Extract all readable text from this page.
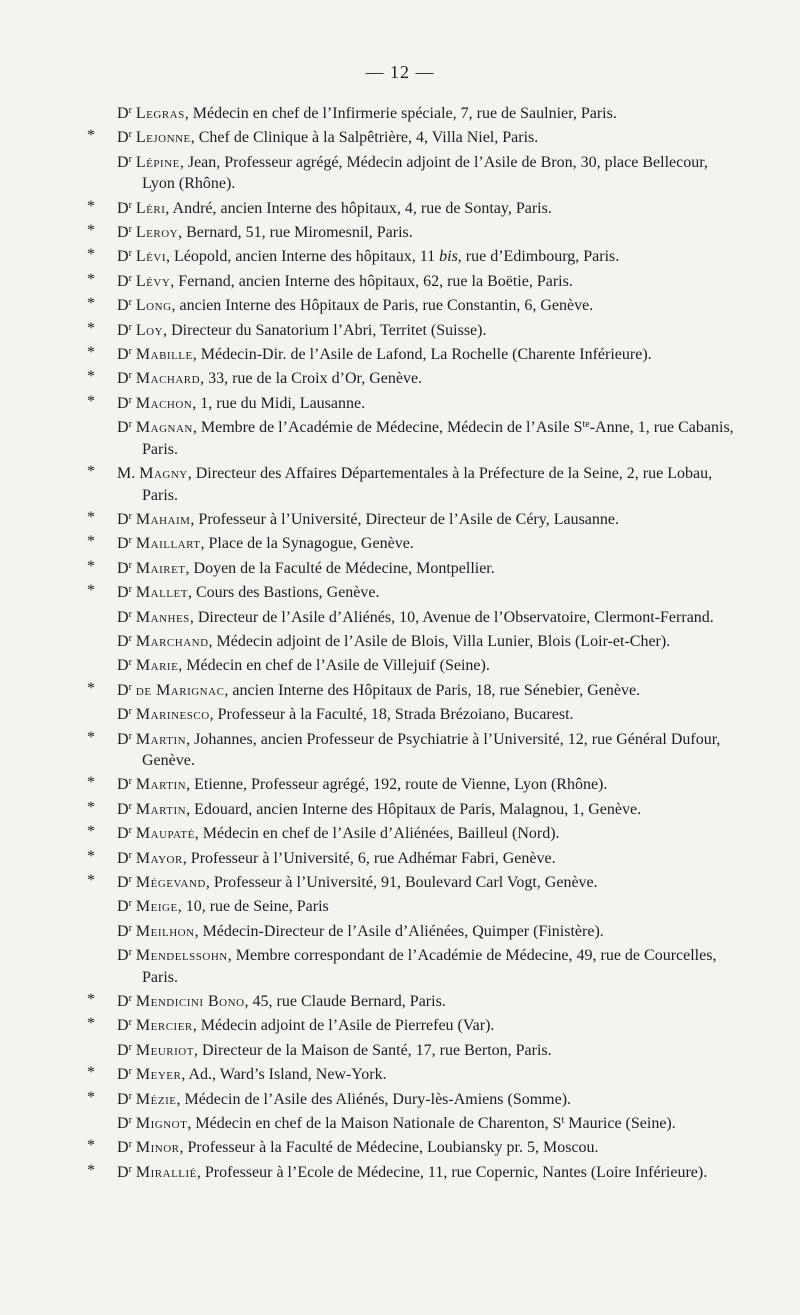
— 12 —
$D^r$ Legras, Médecin en chef de l’Infirmerie spéciale, 7, rue de Saulnier, Paris.
* $D^r$ Lejonne, Chef de Clinique à la Salpêtrière, 4, Villa Niel, Paris.
$D^r$ Lépine, Jean, Professeur agrégé, Médecin adjoint de l’Asile de Bron, 30, place Bellecour, Lyon (Rhône).
* $D^r$ Léri, André, ancien Interne des hôpitaux, 4, rue de Sontay, Paris.
* $D^r$ Leroy, Bernard, 51, rue Miromesnil, Paris.
* $D^r$ Lévi, Léopold, ancien Interne des hôpitaux, 11 bis, rue d’Edimbourg, Paris.
* $D^r$ Lévy, Fernand, ancien Interne des hôpitaux, 62, rue la Boëtie, Paris.
* $D^r$ Long, ancien Interne des Hôpitaux de Paris, rue Constantin, 6, Genève.
* $D^r$ Loy, Directeur du Sanatorium l’Abri, Territet (Suisse).
* $D^r$ Mabille, Médecin-Dir. de l’Asile de Lafond, La Rochelle (Charente Inférieure).
* $D^r$ Machard, 33, rue de la Croix d’Or, Genève.
* $D^r$ Machon, 1, rue du Midi, Lausanne.
$D^r$ Magnan, Membre de l’Académie de Médecine, Médecin de l’Asile $S^{te}$-Anne, 1, rue Cabanis, Paris.
* M. Magny, Directeur des Affaires Départementales à la Préfecture de la Seine, 2, rue Lobau, Paris.
* $D^r$ Mahaim, Professeur à l’Université, Directeur de l’Asile de Céry, Lausanne.
* $D^r$ Maillart, Place de la Synagogue, Genève.
* $D^r$ Mairet, Doyen de la Faculté de Médecine, Montpellier.
* $D^r$ Mallet, Cours des Bastions, Genève.
$D^r$ Manhes, Directeur de l’Asile d’Aliénés, 10, Avenue de l’Observatoire, Clermont-Ferrand.
$D^r$ Marchand, Médecin adjoint de l’Asile de Blois, Villa Lunier, Blois (Loir-et-Cher).
$D^r$ Marie, Médecin en chef de l’Asile de Villejuif (Seine).
* $D^r$ de Marignac, ancien Interne des Hôpitaux de Paris, 18, rue Sénebier, Genève.
$D^r$ Marinesco, Professeur à la Faculté, 18, Strada Brézoiano, Bucarest.
* $D^r$ Martin, Johannes, ancien Professeur de Psychiatrie à l’Université, 12, rue Général Dufour, Genève.
* $D^r$ Martin, Etienne, Professeur agrégé, 192, route de Vienne, Lyon (Rhône).
* $D^r$ Martin, Edouard, ancien Interne des Hôpitaux de Paris, Malagnou, 1, Genève.
* $D^r$ Maupaté, Médecin en chef de l’Asile d’Aliénées, Bailleul (Nord).
* $D^r$ Mayor, Professeur à l’Université, 6, rue Adhémar Fabri, Genève.
* $D^r$ Mégevand, Professeur à l’Université, 91, Boulevard Carl Vogt, Genève.
$D^r$ Meige, 10, rue de Seine, Paris
$D^r$ Meilhon, Médecin-Directeur de l’Asile d’Aliénées, Quimper (Finistère).
$D^r$ Mendelssohn, Membre correspondant de l’Académie de Médecine, 49, rue de Courcelles, Paris.
* $D^r$ Mendicini Bono, 45, rue Claude Bernard, Paris.
* $D^r$ Mercier, Médecin adjoint de l’Asile de Pierrefeu (Var).
$D^r$ Meuriot, Directeur de la Maison de Santé, 17, rue Berton, Paris.
* $D^r$ Meyer, Ad., Ward’s Island, New-York.
* $D^r$ Mézie, Médecin de l’Asile des Aliénés, Dury-lès-Amiens (Somme).
$D^r$ Mignot, Médecin en chef de la Maison Nationale de Charenton, $S^t$ Maurice (Seine).
* $D^r$ Minor, Professeur à la Faculté de Médecine, Loubiansky pr. 5, Moscou.
* $D^r$ Mirallié, Professeur à l’Ecole de Médecine, 11, rue Copernic, Nantes (Loire Inférieure).
